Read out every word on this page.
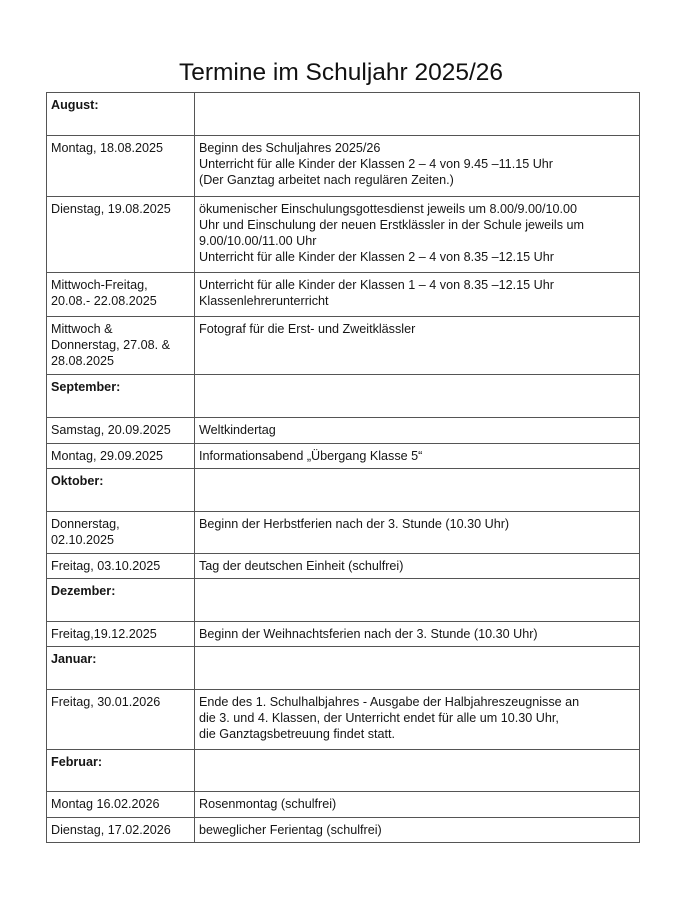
Termine im Schuljahr 2025/26
August:	

Montag, 18.08.2025	Beginn des Schuljahres 2025/26
Unterricht für alle Kinder der Klassen 2 – 4 von 9.45 –11.15 Uhr
(Der Ganztag arbeitet nach regulären Zeiten.)

Dienstag, 19.08.2025	ökumenischer Einschulungsgottesdienst jeweils um 8.00/9.00/10.00
Uhr und Einschulung der neuen Erstklässler in der Schule jeweils um
9.00/10.00/11.00 Uhr
Unterricht für alle Kinder der Klassen 2 – 4 von 8.35 –12.15 Uhr

Mittwoch-Freitag,
20.08.- 22.08.2025	Unterricht für alle Kinder der Klassen 1 – 4 von 8.35 –12.15 Uhr
Klassenlehrerunterricht

Mittwoch &
Donnerstag, 27.08. &
28.08.2025	Fotograf für die Erst- und Zweitklässler

September:	

Samstag, 20.09.2025	Weltkindertag

Montag, 29.09.2025	Informationsabend „Übergang Klasse 5“

Oktober:	

Donnerstag,
02.10.2025	Beginn der Herbstferien nach der 3. Stunde (10.30 Uhr)

Freitag, 03.10.2025	Tag der deutschen Einheit (schulfrei)

Dezember:	

Freitag,19.12.2025	Beginn der Weihnachtsferien nach der 3. Stunde (10.30 Uhr)

Januar:	

Freitag, 30.01.2026	Ende des 1. Schulhalbjahres - Ausgabe der Halbjahreszeugnisse an
die 3. und 4. Klassen, der Unterricht endet für alle um 10.30 Uhr,
die Ganztagsbetreuung findet statt.

Februar:	

Montag 16.02.2026	Rosenmontag (schulfrei)

Dienstag, 17.02.2026	beweglicher Ferientag (schulfrei)
